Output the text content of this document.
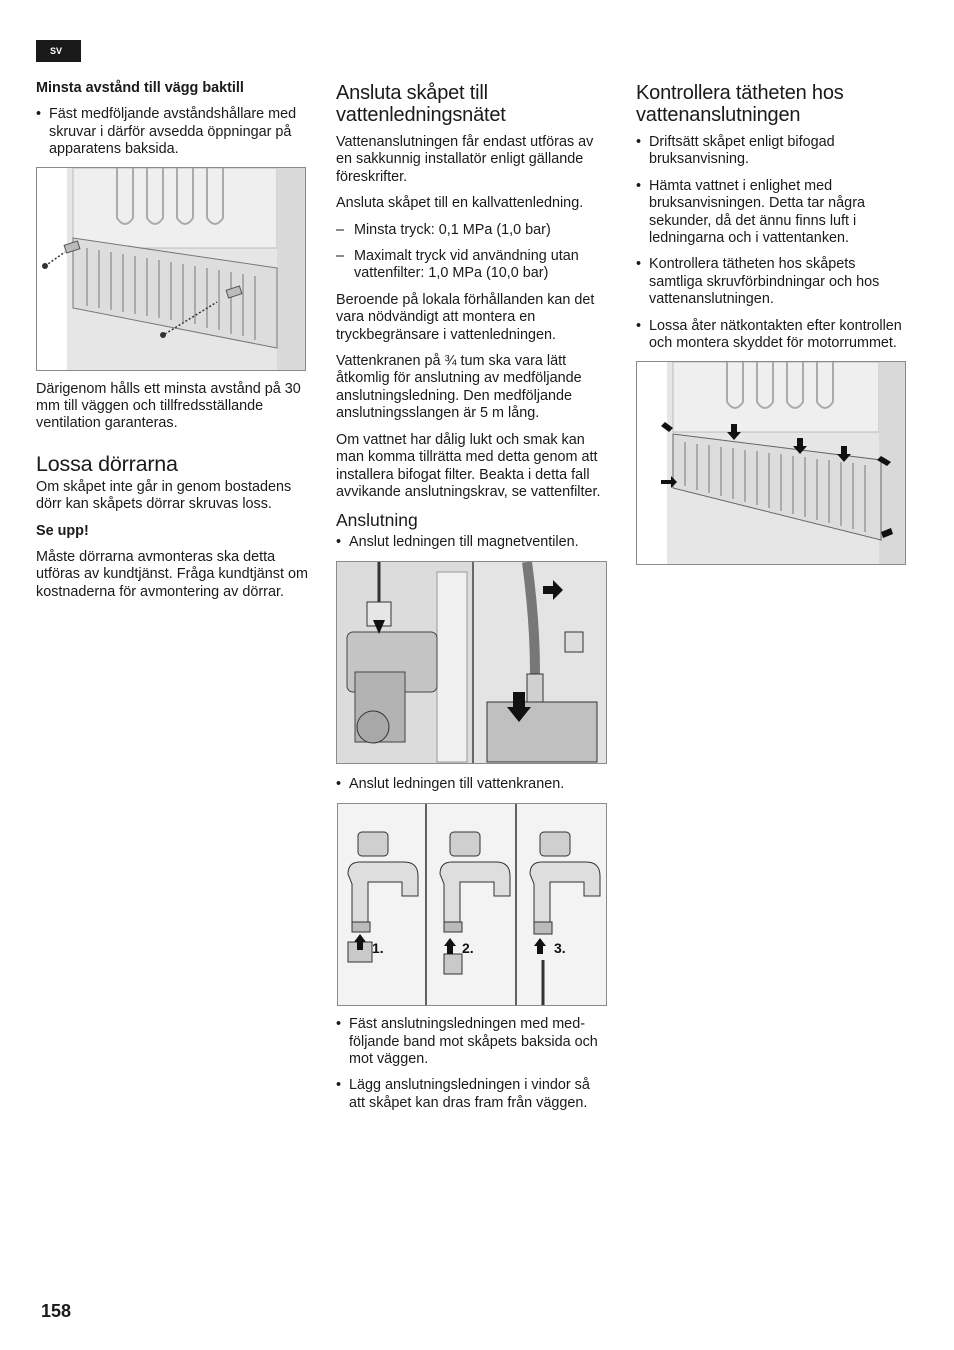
SV

Minsta avstånd till vägg baktill

• Fäst medföljande avståndshållare med skruvar i därför avsedda öppningar på apparatens baksida.

Därigenom hålls ett minsta avstånd på 30 mm till väggen och tillfredsställande ventilation garanteras.

Lossa dörrarna

Om skåpet inte går in genom bostadens dörr kan skåpets dörrar skruvas loss.

Se upp!

Måste dörrarna avmonteras ska detta utföras av kundtjänst. Fråga kundtjänst om kostnaderna för avmontering av dörrar.

Ansluta skåpet till vattenledningsnätet

Vattenanslutningen får endast utföras av en sakkunnig installatör enligt gällande föreskrifter.

Ansluta skåpet till en kallvattenledning.

– Minsta tryck: 0,1 MPa (1,0 bar)
– Maximalt tryck vid användning utan vattenfilter: 1,0 MPa (10,0 bar)

Beroende på lokala förhållanden kan det vara nödvändigt att montera en tryckbegränsare i vattenledningen.

Vattenkranen på ¾ tum ska vara lätt åtkomlig för anslutning av medföljande anslutningsledning. Den medföljande anslutningsslangen är 5 m lång.

Om vattnet har dålig lukt och smak kan man komma tillrätta med detta genom att installera bifogat filter. Beakta i detta fall avvikande anslutningskrav, se vattenfilter.

Anslutning
• Anslut ledningen till magnetventilen.
• Anslut ledningen till vattenkranen.
1.	2.	3.
• Fäst anslutningsledningen med med-följande band mot skåpets baksida och mot väggen.
• Lägg anslutningsledningen i vindor så att skåpet kan dras fram från väggen.
Kontrollera tätheten hos vattenanslutningen
• Driftsätt skåpet enligt bifogad bruksanvisning.
• Hämta vattnet i enlighet med bruksanvisningen. Detta tar några sekunder, då det ännu finns luft i ledningarna och i vattentanken.
• Kontrollera tätheten hos skåpets samtliga skruvförbindningar och hos vattenanslutningen.
• Lossa åter nätkontakten efter kontrollen och montera skyddet för motorrummet.
158
